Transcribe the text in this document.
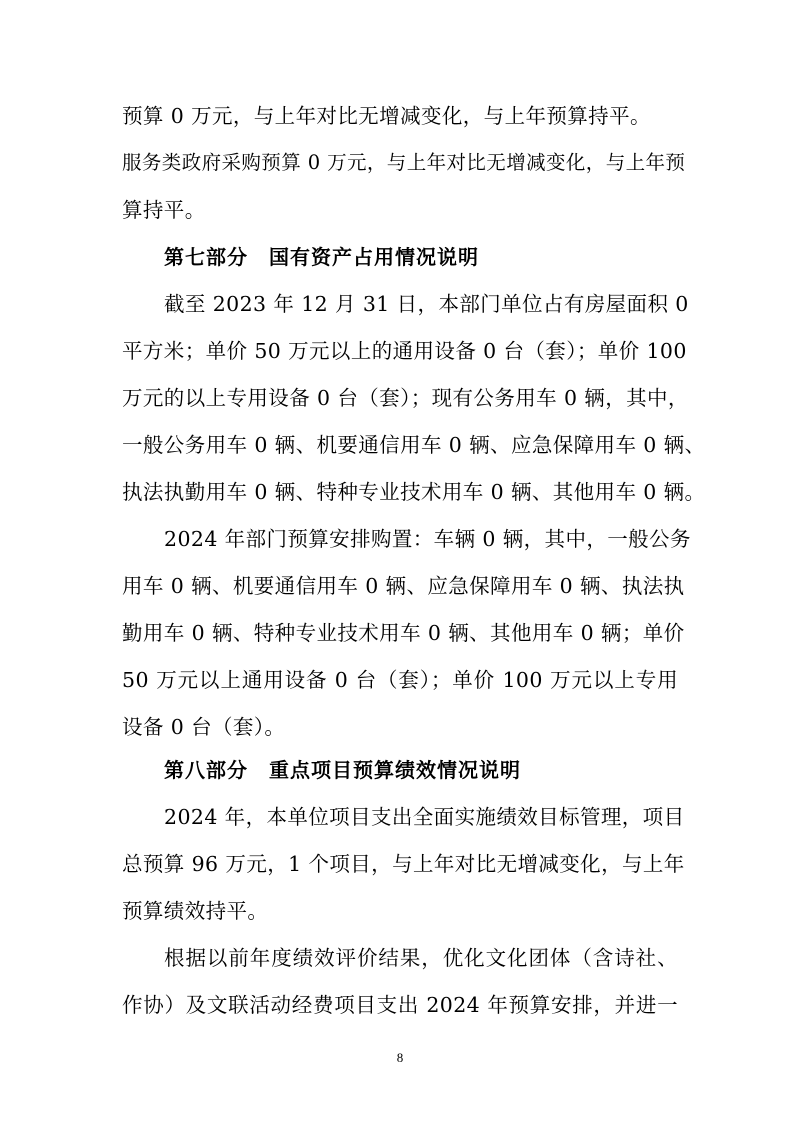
预算 0 万元，与上年对比无增减变化，与上年预算持平。
服务类政府采购预算 0 万元，与上年对比无增减变化，与上年预
算持平。
第七部分　国有资产占用情况说明
截至 2023 年 12 月 31 日，本部门单位占有房屋面积 0
平方米；单价 50 万元以上的通用设备 0 台（套）；单价 100
万元的以上专用设备 0 台（套）；现有公务用车 0 辆，其中，
一般公务用车 0 辆、机要通信用车 0 辆、应急保障用车 0 辆、
执法执勤用车 0 辆、特种专业技术用车 0 辆、其他用车 0 辆。
2024 年部门预算安排购置：车辆 0 辆，其中，一般公务
用车 0 辆、机要通信用车 0 辆、应急保障用车 0 辆、执法执
勤用车 0 辆、特种专业技术用车 0 辆、其他用车 0 辆；单价
50 万元以上通用设备 0 台（套）；单价 100 万元以上专用
设备 0 台（套）。
第八部分　重点项目预算绩效情况说明
2024 年，本单位项目支出全面实施绩效目标管理，项目
总预算 96 万元，1 个项目，与上年对比无增减变化，与上年
预算绩效持平。
根据以前年度绩效评价结果，优化文化团体（含诗社、
作协）及文联活动经费项目支出 2024 年预算安排，并进一
8
